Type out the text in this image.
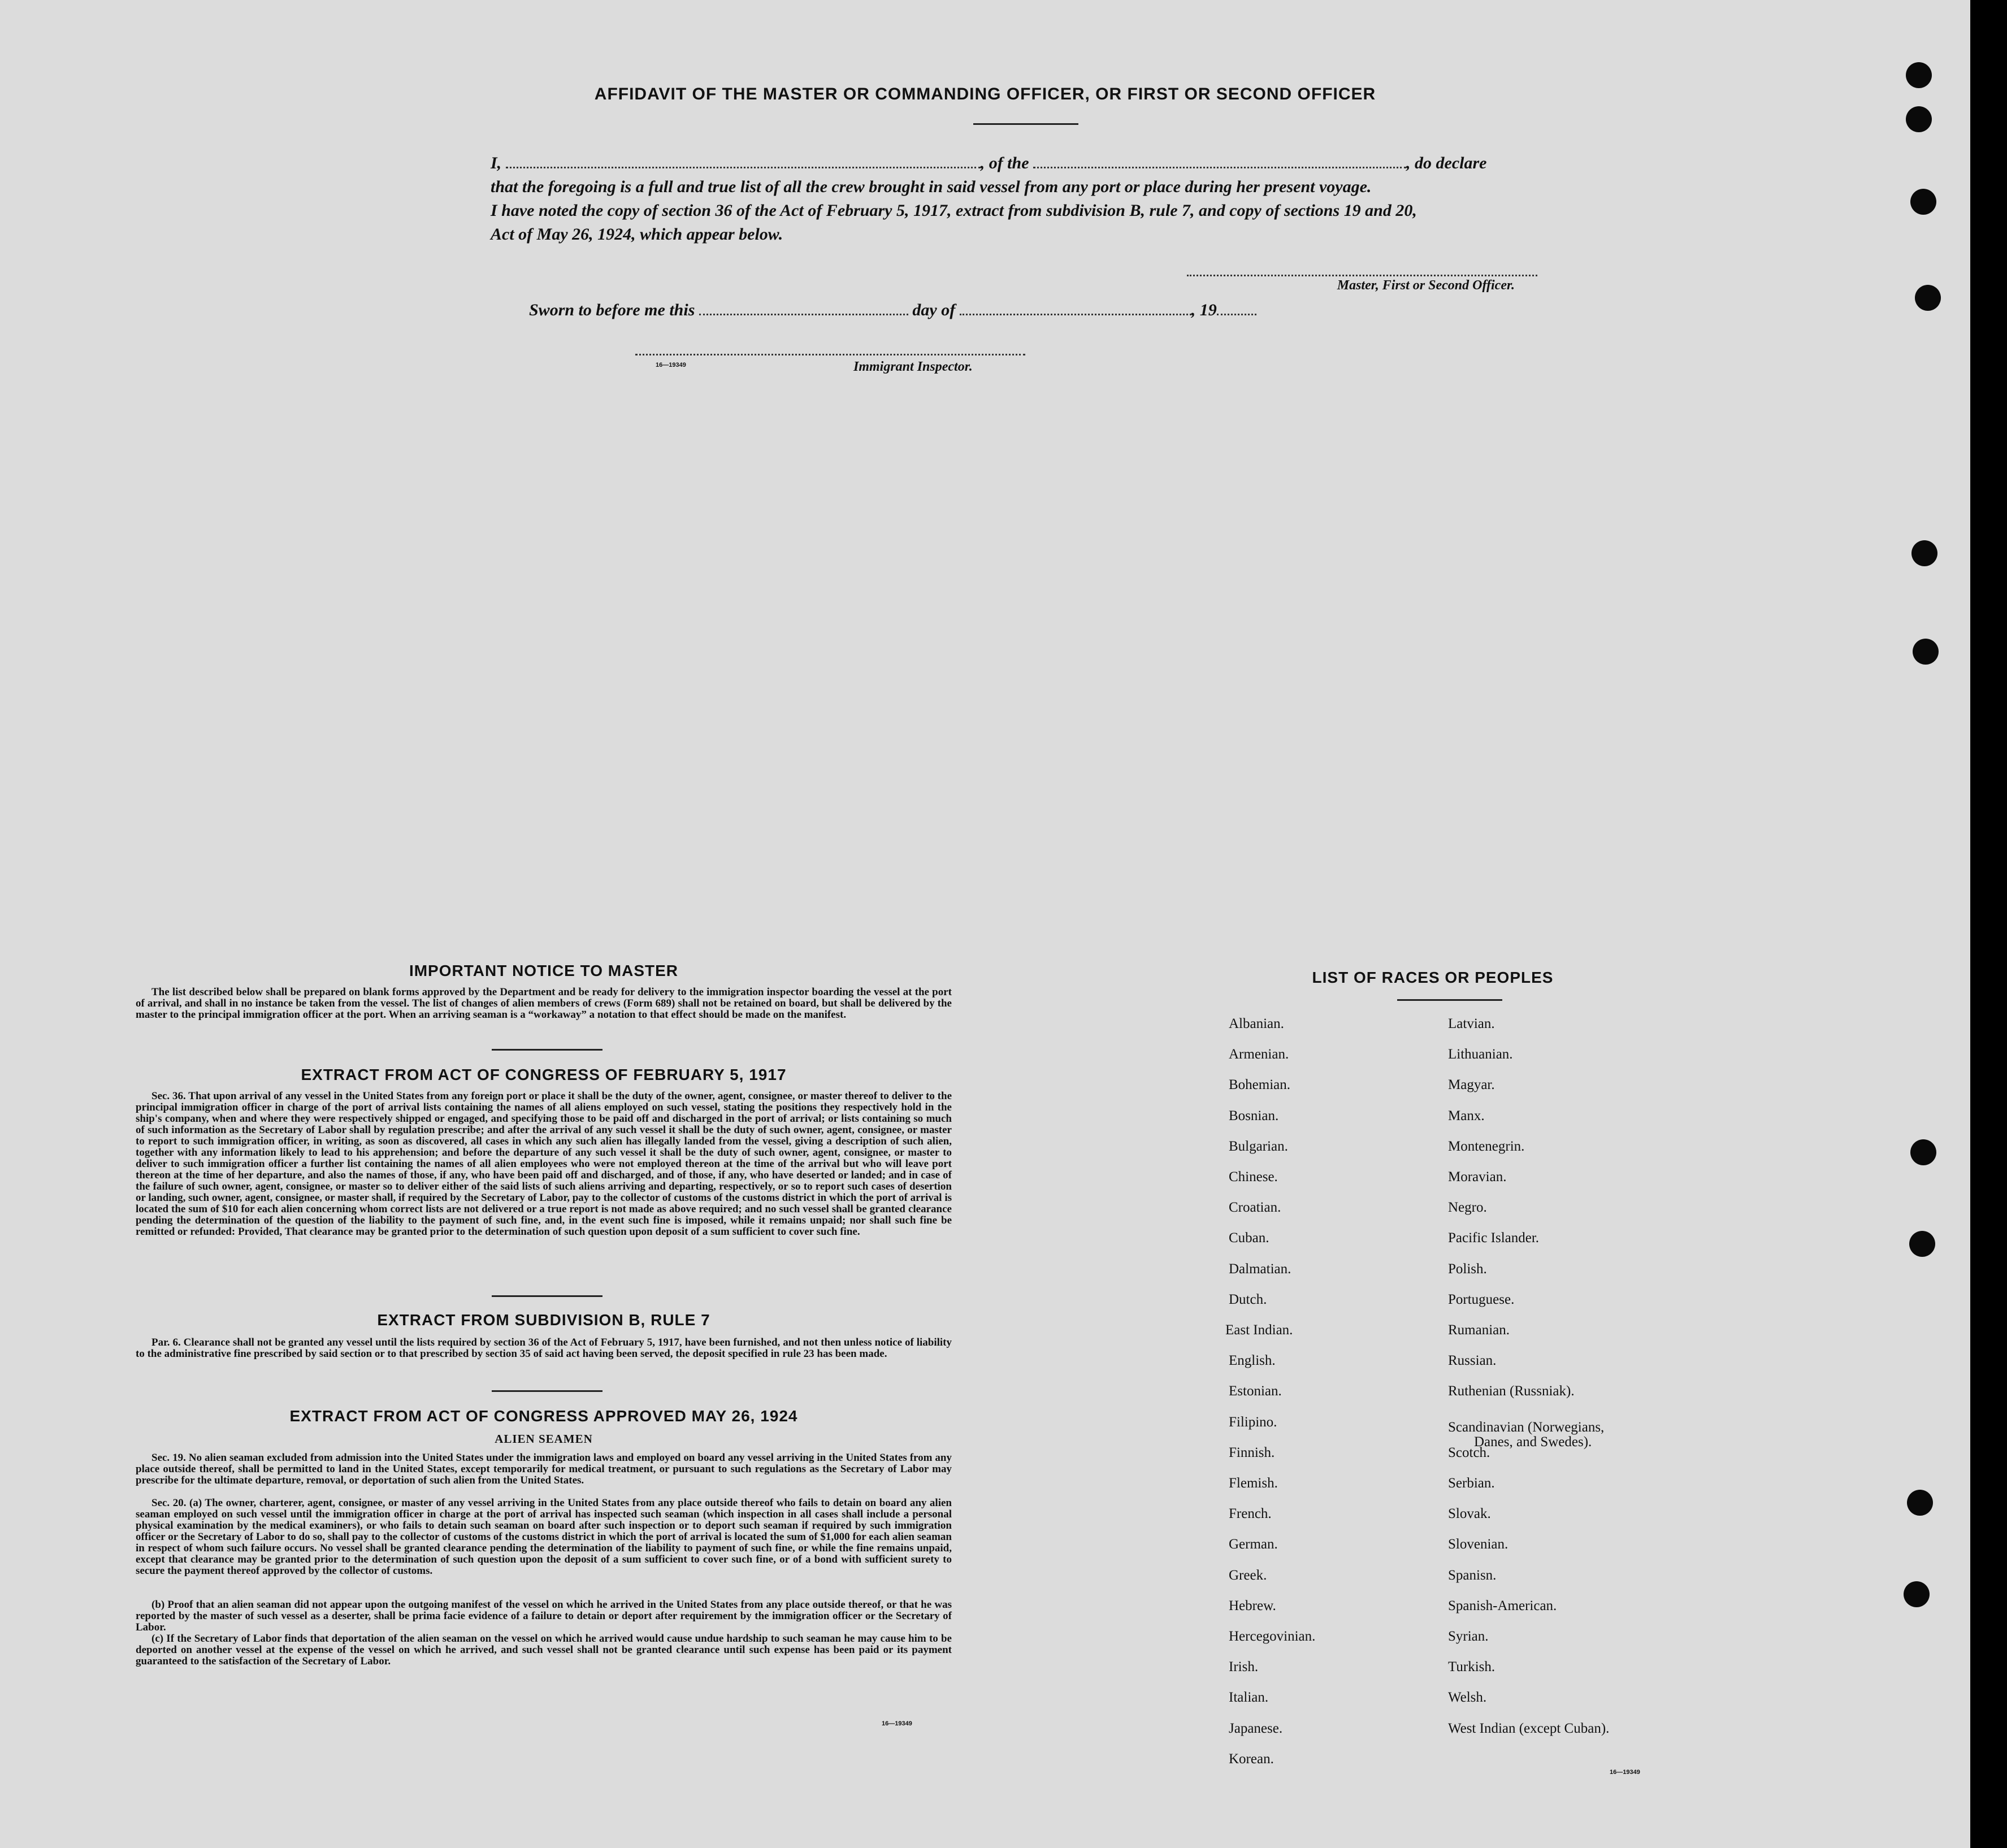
AFFIDAVIT OF THE MASTER OR COMMANDING OFFICER, OR FIRST OR SECOND OFFICER
I,	, of the	, do declare
that the foregoing is a full and true list of all the crew brought in said vessel from any port or place during her present voyage.
I have noted the copy of section 36 of the Act of February 5, 1917, extract from subdivision B, rule 7, and copy of sections 19 and 20,
Act of May 26, 1924, which appear below.
Master, First or Second Officer.
Sworn to before me this	day of	, 19
16—19349	Immigrant Inspector.
IMPORTANT NOTICE TO MASTER
The list described below shall be prepared on blank forms approved by the Department and be ready for delivery to the immigration inspector boarding the vessel at the port of arrival, and shall in no instance be taken from the vessel. The list of changes of alien members of crews (Form 689) shall not be retained on board, but shall be delivered by the master to the principal immigration officer at the port. When an arriving seaman is a “workaway” a notation to that effect should be made on the manifest.
EXTRACT FROM ACT OF CONGRESS OF FEBRUARY 5, 1917
Sec. 36. That upon arrival of any vessel in the United States from any foreign port or place it shall be the duty of the owner, agent, consignee, or master thereof to deliver to the principal immigration officer in charge of the port of arrival lists containing the names of all aliens employed on such vessel, stating the positions they respectively hold in the ship's company, when and where they were respectively shipped or engaged, and specifying those to be paid off and discharged in the port of arrival; or lists containing so much of such information as the Secretary of Labor shall by regulation prescribe; and after the arrival of any such vessel it shall be the duty of such owner, agent, consignee, or master to report to such immigration officer, in writing, as soon as discovered, all cases in which any such alien has illegally landed from the vessel, giving a description of such alien, together with any information likely to lead to his apprehension; and before the departure of any such vessel it shall be the duty of such owner, agent, consignee, or master to deliver to such immigration officer a further list containing the names of all alien employees who were not employed thereon at the time of the arrival but who will leave port thereon at the time of her departure, and also the names of those, if any, who have been paid off and discharged, and of those, if any, who have deserted or landed; and in case of the failure of such owner, agent, consignee, or master so to deliver either of the said lists of such aliens arriving and departing, respectively, or so to report such cases of desertion or landing, such owner, agent, consignee, or master shall, if required by the Secretary of Labor, pay to the collector of customs of the customs district in which the port of arrival is located the sum of $10 for each alien concerning whom correct lists are not delivered or a true report is not made as above required; and no such vessel shall be granted clearance pending the determination of the question of the liability to the payment of such fine, and, in the event such fine is imposed, while it remains unpaid; nor shall such fine be remitted or refunded: Provided, That clearance may be granted prior to the determination of such question upon deposit of a sum sufficient to cover such fine.
EXTRACT FROM SUBDIVISION B, RULE 7
Par. 6. Clearance shall not be granted any vessel until the lists required by section 36 of the Act of February 5, 1917, have been furnished, and not then unless notice of liability to the administrative fine prescribed by said section or to that prescribed by section 35 of said act having been served, the deposit specified in rule 23 has been made.
EXTRACT FROM ACT OF CONGRESS APPROVED MAY 26, 1924
ALIEN SEAMEN
Sec. 19. No alien seaman excluded from admission into the United States under the immigration laws and employed on board any vessel arriving in the United States from any place outside thereof, shall be permitted to land in the United States, except temporarily for medical treatment, or pursuant to such regulations as the Secretary of Labor may prescribe for the ultimate departure, removal, or deportation of such alien from the United States.
Sec. 20. (a) The owner, charterer, agent, consignee, or master of any vessel arriving in the United States from any place outside thereof who fails to detain on board any alien seaman employed on such vessel until the immigration officer in charge at the port of arrival has inspected such seaman (which inspection in all cases shall include a personal physical examination by the medical examiners), or who fails to detain such seaman on board after such inspection or to deport such seaman if required by such immigration officer or the Secretary of Labor to do so, shall pay to the collector of customs of the customs district in which the port of arrival is located the sum of $1,000 for each alien seaman in respect of whom such failure occurs. No vessel shall be granted clearance pending the determination of the liability to payment of such fine, or while the fine remains unpaid, except that clearance may be granted prior to the determination of such question upon the deposit of a sum sufficient to cover such fine, or of a bond with sufficient surety to secure the payment thereof approved by the collector of customs.
(b) Proof that an alien seaman did not appear upon the outgoing manifest of the vessel on which he arrived in the United States from any place outside thereof, or that he was reported by the master of such vessel as a deserter, shall be prima facie evidence of a failure to detain or deport after requirement by the immigration officer or the Secretary of Labor.
(c) If the Secretary of Labor finds that deportation of the alien seaman on the vessel on which he arrived would cause undue hardship to such seaman he may cause him to be deported on another vessel at the expense of the vessel on which he arrived, and such vessel shall not be granted clearance until such expense has been paid or its payment guaranteed to the satisfaction of the Secretary of Labor.
16—19349
LIST OF RACES OR PEOPLES
Albanian.
Armenian.
Bohemian.
Bosnian.
Bulgarian.
Chinese.
Croatian.
Cuban.
Dalmatian.
Dutch.
East Indian.
English.
Estonian.
Filipino.
Finnish.
Flemish.
French.
German.
Greek.
Hebrew.
Hercegovinian.
Irish.
Italian.
Japanese.
Korean.
Latvian.
Lithuanian.
Magyar.
Manx.
Montenegrin.
Moravian.
Negro.
Pacific Islander.
Polish.
Portuguese.
Rumanian.
Russian.
Ruthenian (Russniak).
Scandinavian (Norwegians,
Danes, and Swedes).
Scotch.
Serbian.
Slovak.
Slovenian.
Spanisn.
Spanish-American.
Syrian.
Turkish.
Welsh.
West Indian (except Cuban).
16—19349
